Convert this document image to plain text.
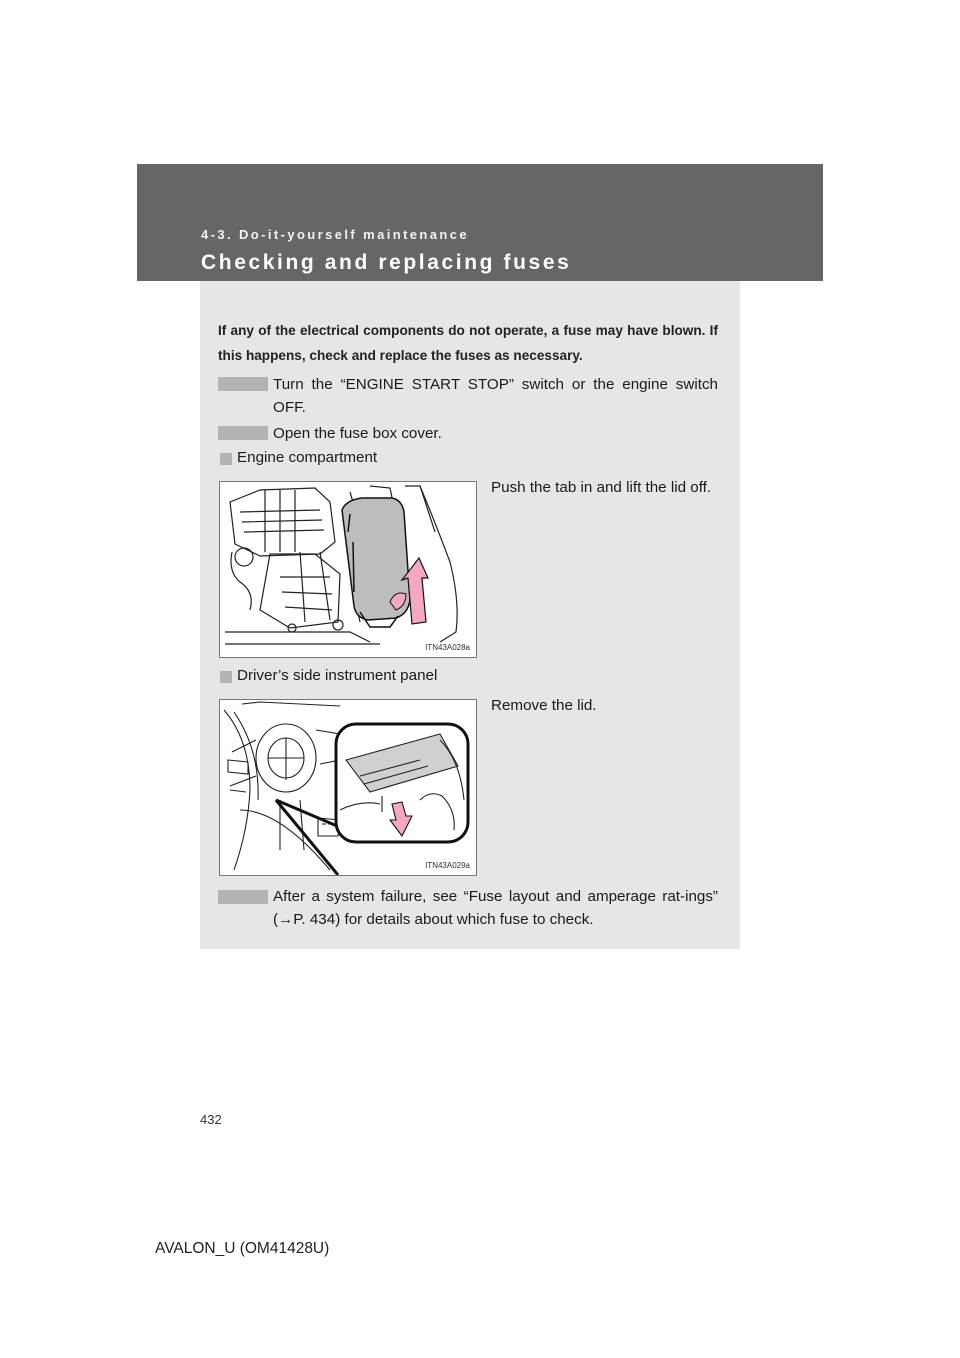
4-3. Do-it-yourself maintenance
Checking and replacing fuses
If any of the electrical components do not operate, a fuse may have blown. If this happens, check and replace the fuses as necessary.
Turn the “ENGINE START STOP” switch or the engine switch OFF.
Open the fuse box cover.
Engine compartment
ITN43A028a
Push the tab in and lift the lid off.
Driver’s side instrument panel
ITN43A029a
Remove the lid.
After a system failure, see “Fuse layout and amperage rat-ings” (→P. 434) for details about which fuse to check.
432
AVALON_U (OM41428U)
